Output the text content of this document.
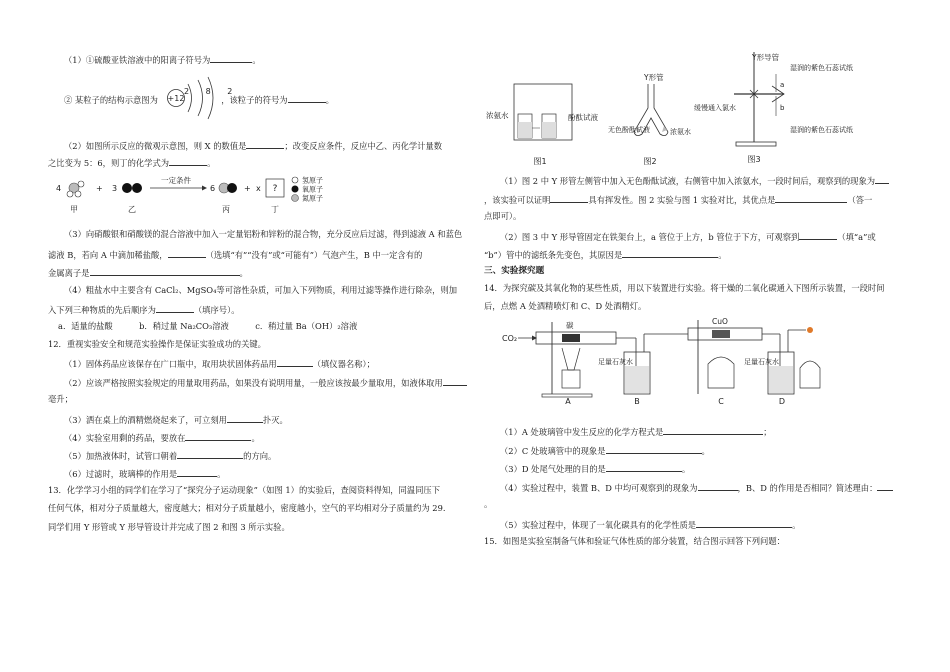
（1）①硫酸亚铁溶液中的阳离子符号为	。
② 某粒子的结构示意图为	，该粒子的符号为	。
+12
2 8 2
（2）如图所示反应的微观示意图，则 X 的数值是	；改变反应条件，反应中乙、丙化学计量数
之比变为 5：6，则丁的化学式为	。
4	+ 3
一定条件
6	+ x ?
氢原子
氧原子
氮原子
甲	乙	丙	丁
（3）向硝酸银和硝酸镁的混合溶液中加入一定量铝粉和锌粉的混合物，充分反应后过滤，得到滤液 A 和蓝色
滤液 B，若向 A 中滴加稀盐酸，	（选填“有”“没有”或“可能有”）气泡产生，B 中一定含有的
金属离子是	。
（4）粗盐水中主要含有 CaCl₂、MgSO₄等可溶性杂质，可加入下列物质，利用过滤等操作进行除杂，则加
入下列三种物质的先后顺序为	（填序号）。
a．适量的盐酸          b．稍过量 Na₂CO₃溶液          c．稍过量 Ba（OH）₂溶液
12．重视实验安全和规范实验操作是保证实验成功的关键。
（1）固体药品应该保存在广口瓶中，取用块状固体药品用	（填仪器名称）；
（2）应该严格按照实验规定的用量取用药品，如果没有说明用量，一般应该按最少量取用，如液体取用
毫升；
（3）洒在桌上的酒精燃烧起来了，可立刻用	扑灭。
（4）实验室用剩的药品，要放在	。
（5）加热液体时，试管口朝着	的方向。
（6）过滤时，玻璃棒的作用是	。
13．化学学习小组的同学们在学习了“探究分子运动现象”（如图 1）的实验后，查阅资料得知，同温同压下
任何气体，相对分子质量越大，密度越大；相对分子质量越小，密度越小，空气的平均相对分子质量约为 29.
同学们用 Y 形管或 Y 形导管设计并完成了图 2 和图 3 所示实验。
浓氨水	酚酞试液
图1
Y形管
无色酚酞试液	浓氨水
图2
a
b
Y形导管
缓慢通入氯水
湿润的紫色石蕊试纸
湿润的紫色石蕊试纸
图3
（1）图 2 中 Y 形管左侧管中加入无色酚酞试液，右侧管中加入浓氨水，一段时间后，观察到的现象为
，该实验可以证明	具有挥发性。图 2 实验与图 1 实验对比，其优点是	（答一
点即可）。
（2）图 3 中 Y 形导管固定在铁架台上，a 管位于上方，b 管位于下方，可观察到	（填“a”或
“b”）管中的滤纸条先变色，其原因是	。
三、实验探究题
14．为探究碳及其氧化物的某些性质，用以下装置进行实验。将干燥的二氧化碳通入下图所示装置，一段时间
后，点燃 A 处酒精喷灯和 C、D 处酒精灯。
CO₂
碳
足量石灰水
CuO
足量石灰水
A	B	C	D
（1）A 处玻璃管中发生反应的化学方程式是	；
（2）C 处玻璃管中的现象是	。
（3）D 处尾气处理的目的是	。
（4）实验过程中，装置 B、D 中均可观察到的现象为	，B、D 的作用是否相同？简述理由：
。
（5）实验过程中，体现了一氧化碳具有的化学性质是	。
15．如图是实验室制备气体和验证气体性质的部分装置，结合图示回答下列问题：
